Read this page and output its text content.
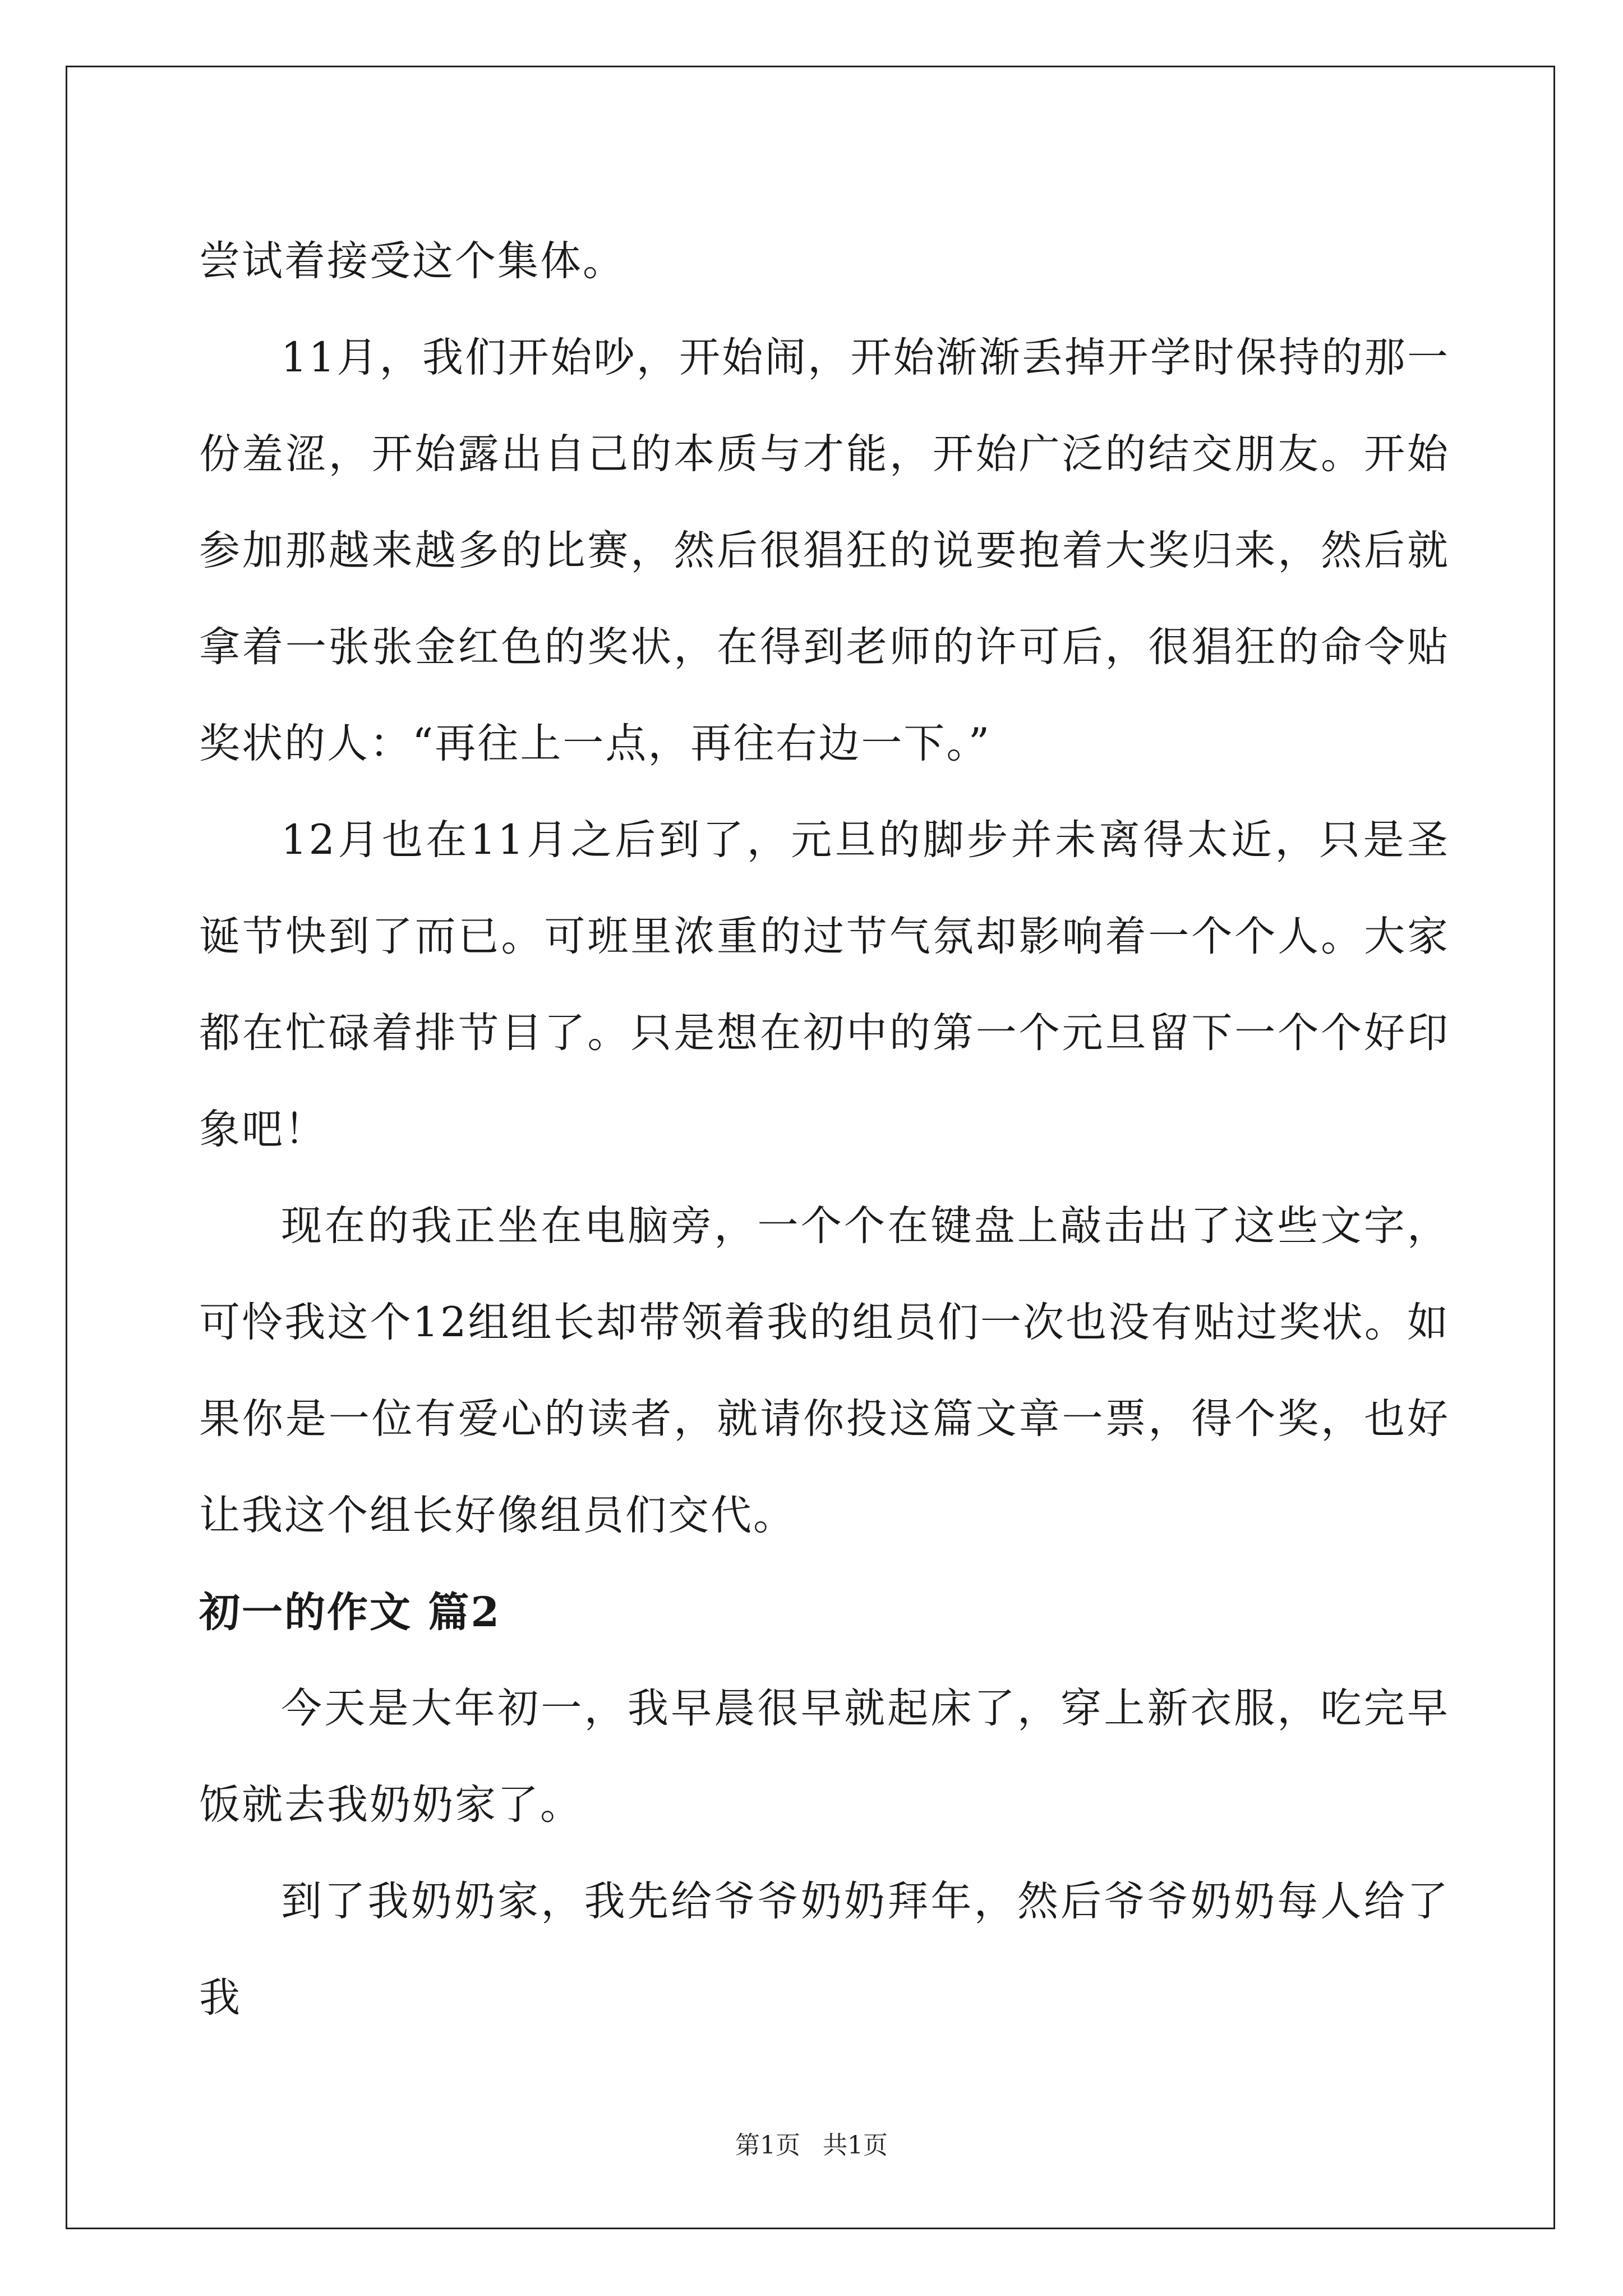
尝试着接受这个集体。

11月，我们开始吵，开始闹，开始渐渐丢掉开学时保持的那一份羞涩，开始露出自己的本质与才能，开始广泛的结交朋友。开始参加那越来越多的比赛，然后很猖狂的说要抱着大奖归来，然后就拿着一张张金红色的奖状，在得到老师的许可后，很猖狂的命令贴奖状的人：“再往上一点，再往右边一下。”

12月也在11月之后到了，元旦的脚步并未离得太近，只是圣诞节快到了而已。可班里浓重的过节气氛却影响着一个个人。大家都在忙碌着排节目了。只是想在初中的第一个元旦留下一个个好印象吧！

现在的我正坐在电脑旁，一个个在键盘上敲击出了这些文字，可怜我这个12组组长却带领着我的组员们一次也没有贴过奖状。如果你是一位有爱心的读者，就请你投这篇文章一票，得个奖，也好让我这个组长好像组员们交代。

初一的作文 篇2

今天是大年初一，我早晨很早就起床了，穿上新衣服，吃完早饭就去我奶奶家了。

到了我奶奶家，我先给爷爷奶奶拜年，然后爷爷奶奶每人给了我

第1页 共1页
